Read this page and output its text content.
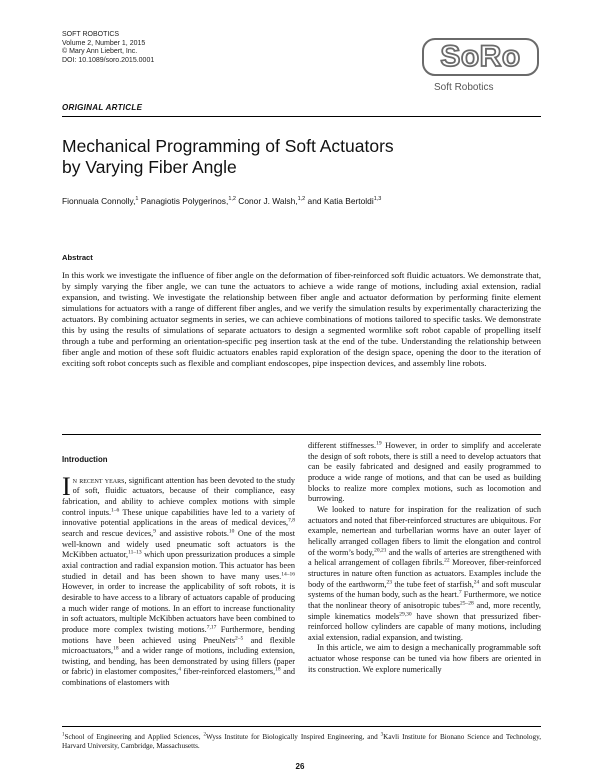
SOFT ROBOTICS
Volume 2, Number 1, 2015
© Mary Ann Liebert, Inc.
DOI: 10.1089/soro.2015.0001	SoRo
Soft Robotics
ORIGINAL ARTICLE
Mechanical Programming of Soft Actuators
by Varying Fiber Angle
Fionnuala Connolly,$^1$ Panagiotis Polygerinos,$^{1,2}$ Conor J. Walsh,$^{1,2}$ and Katia Bertoldi$^{1,3}$
Abstract
In this work we investigate the influence of fiber angle on the deformation of fiber-reinforced soft fluidic actuators. We demonstrate that, by simply varying the fiber angle, we can tune the actuators to achieve a wide range of motions, including axial extension, radial expansion, and twisting. We investigate the relationship between fiber angle and actuator deformation by performing finite element simulations for actuators with a range of different fiber angles, and we verify the simulation results by experimentally characterizing the actuators. By combining actuator segments in series, we can achieve combinations of motions tailored to specific tasks. We demonstrate this by using the results of simulations of separate actuators to design a segmented wormlike soft robot capable of propelling itself through a tube and performing an orientation-specific peg insertion task at the end of the tube. Understanding the relationship between fiber angle and motion of these soft fluidic actuators enables rapid exploration of the design space, opening the door to the iteration of exciting soft robot concepts such as flexible and compliant endoscopes, pipe inspection devices, and assembly line robots.
Introduction

In recent years, significant attention has been devoted to the study of soft, fluidic actuators, because of their compliance, easy fabrication, and ability to achieve complex motions with simple control inputs.$^{1-6}$ These unique capabilities have led to a variety of innovative potential applications in the areas of medical devices,$^{7,8}$ search and rescue devices,$^9$ and assistive robots.$^{10}$ One of the most well-known and widely used pneumatic soft actuators is the McKibben actuator,$^{11-13}$ which upon pressurization produces a simple axial contraction and radial expansion motion. This actuator has been studied in detail and has been shown to have many uses.$^{14-16}$ However, in order to increase the applicability of soft robots, it is desirable to have access to a library of actuators capable of producing a much wider range of motions. In an effort to increase functionality in soft actuators, multiple McKibben actuators have been combined to produce more complex twisting motions.$^{7,17}$ Furthermore, bending motions have been achieved using PneuNets$^{2-5}$ and flexible microactuators,$^{18}$ and a wider range of motions, including extension, twisting, and bending, has been demonstrated by using fillers (paper or fabric) in elastomer composites,$^4$ fiber-reinforced elastomers,$^{18}$ and combinations of elastomers with

different stiffnesses.$^{19}$ However, in order to simplify and accelerate the design of soft robots, there is still a need to develop actuators that can be easily fabricated and designed and easily programmed to produce a wide range of motions, and that can be used as building blocks to realize more complex motions, such as locomotion and burrowing.

We looked to nature for inspiration for the realization of such actuators and noted that fiber-reinforced structures are ubiquitous. For example, nemertean and turbellarian worms have an outer layer of helically arranged collagen fibers to limit the elongation and control of the worm’s body,$^{20,21}$ and the walls of arteries are strengthened with a helical arrangement of collagen fibrils.$^{22}$ Moreover, fiber-reinforced structures in nature often function as actuators. Examples include the body of the earthworm,$^{23}$ the tube feet of starfish,$^{24}$ and soft muscular systems of the human body, such as the heart.$^7$ Furthermore, we notice that the nonlinear theory of anisotropic tubes$^{25-28}$ and, more recently, simple kinematics models$^{29,30}$ have shown that pressurized fiber-reinforced hollow cylinders are capable of many motions, including axial extension, radial expansion, and twisting.

In this article, we aim to design a mechanically programmable soft actuator whose response can be tuned via how fibers are oriented in its construction. We explore numerically

$^1$School of Engineering and Applied Sciences, $^2$Wyss Institute for Biologically Inspired Engineering, and $^3$Kavli Institute for Bionano Science and Technology, Harvard University, Cambridge, Massachusetts.
26
